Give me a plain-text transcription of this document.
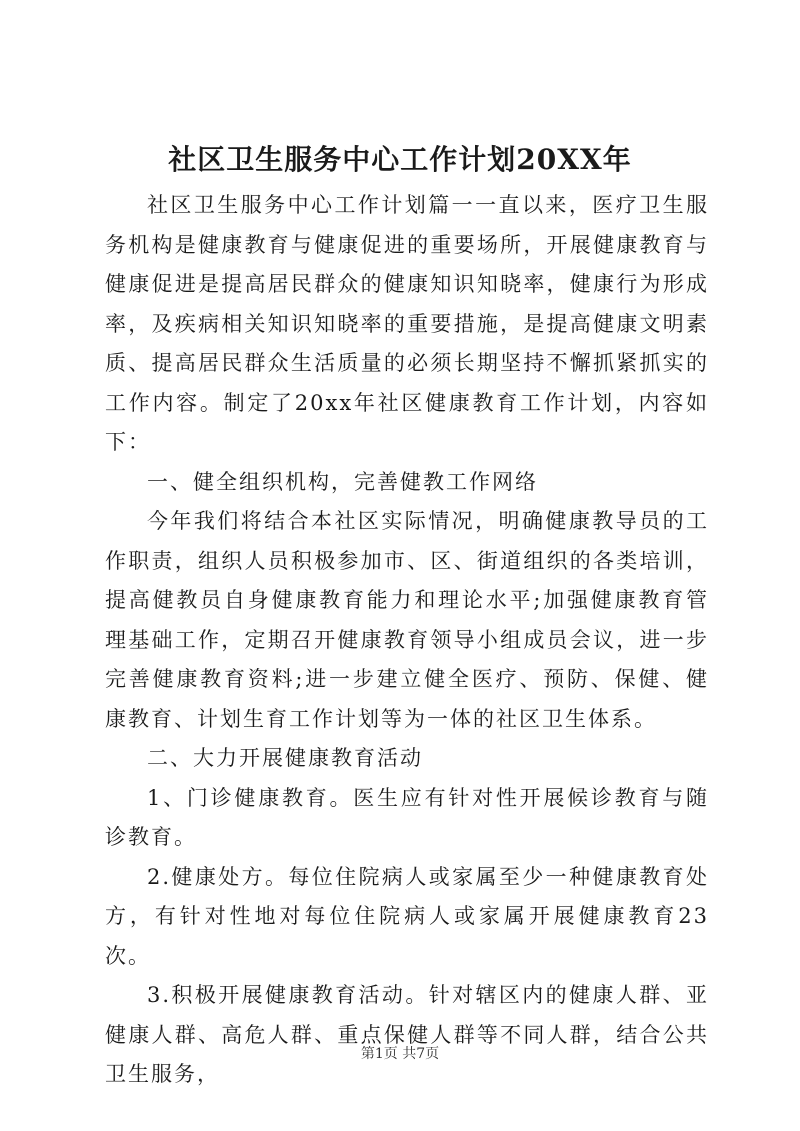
社区卫生服务中心工作计划20XX年

社区卫生服务中心工作计划篇一一直以来，医疗卫生服务机构是健康教育与健康促进的重要场所，开展健康教育与健康促进是提高居民群众的健康知识知晓率，健康行为形成率，及疾病相关知识知晓率的重要措施，是提高健康文明素质、提高居民群众生活质量的必须长期坚持不懈抓紧抓实的工作内容。制定了20xx年社区健康教育工作计划，内容如下：

一、健全组织机构，完善健教工作网络

今年我们将结合本社区实际情况，明确健康教导员的工作职责，组织人员积极参加市、区、街道组织的各类培训，提高健教员自身健康教育能力和理论水平;加强健康教育管理基础工作，定期召开健康教育领导小组成员会议，进一步完善健康教育资料;进一步建立健全医疗、预防、保健、健康教育、计划生育工作计划等为一体的社区卫生体系。

二、大力开展健康教育活动

1、门诊健康教育。医生应有针对性开展候诊教育与随诊教育。

2.健康处方。每位住院病人或家属至少一种健康教育处方，有针对性地对每位住院病人或家属开展健康教育23次。

3.积极开展健康教育活动。针对辖区内的健康人群、亚健康人群、高危人群、重点保健人群等不同人群，结合公共卫生服务，

第1页 共7页
